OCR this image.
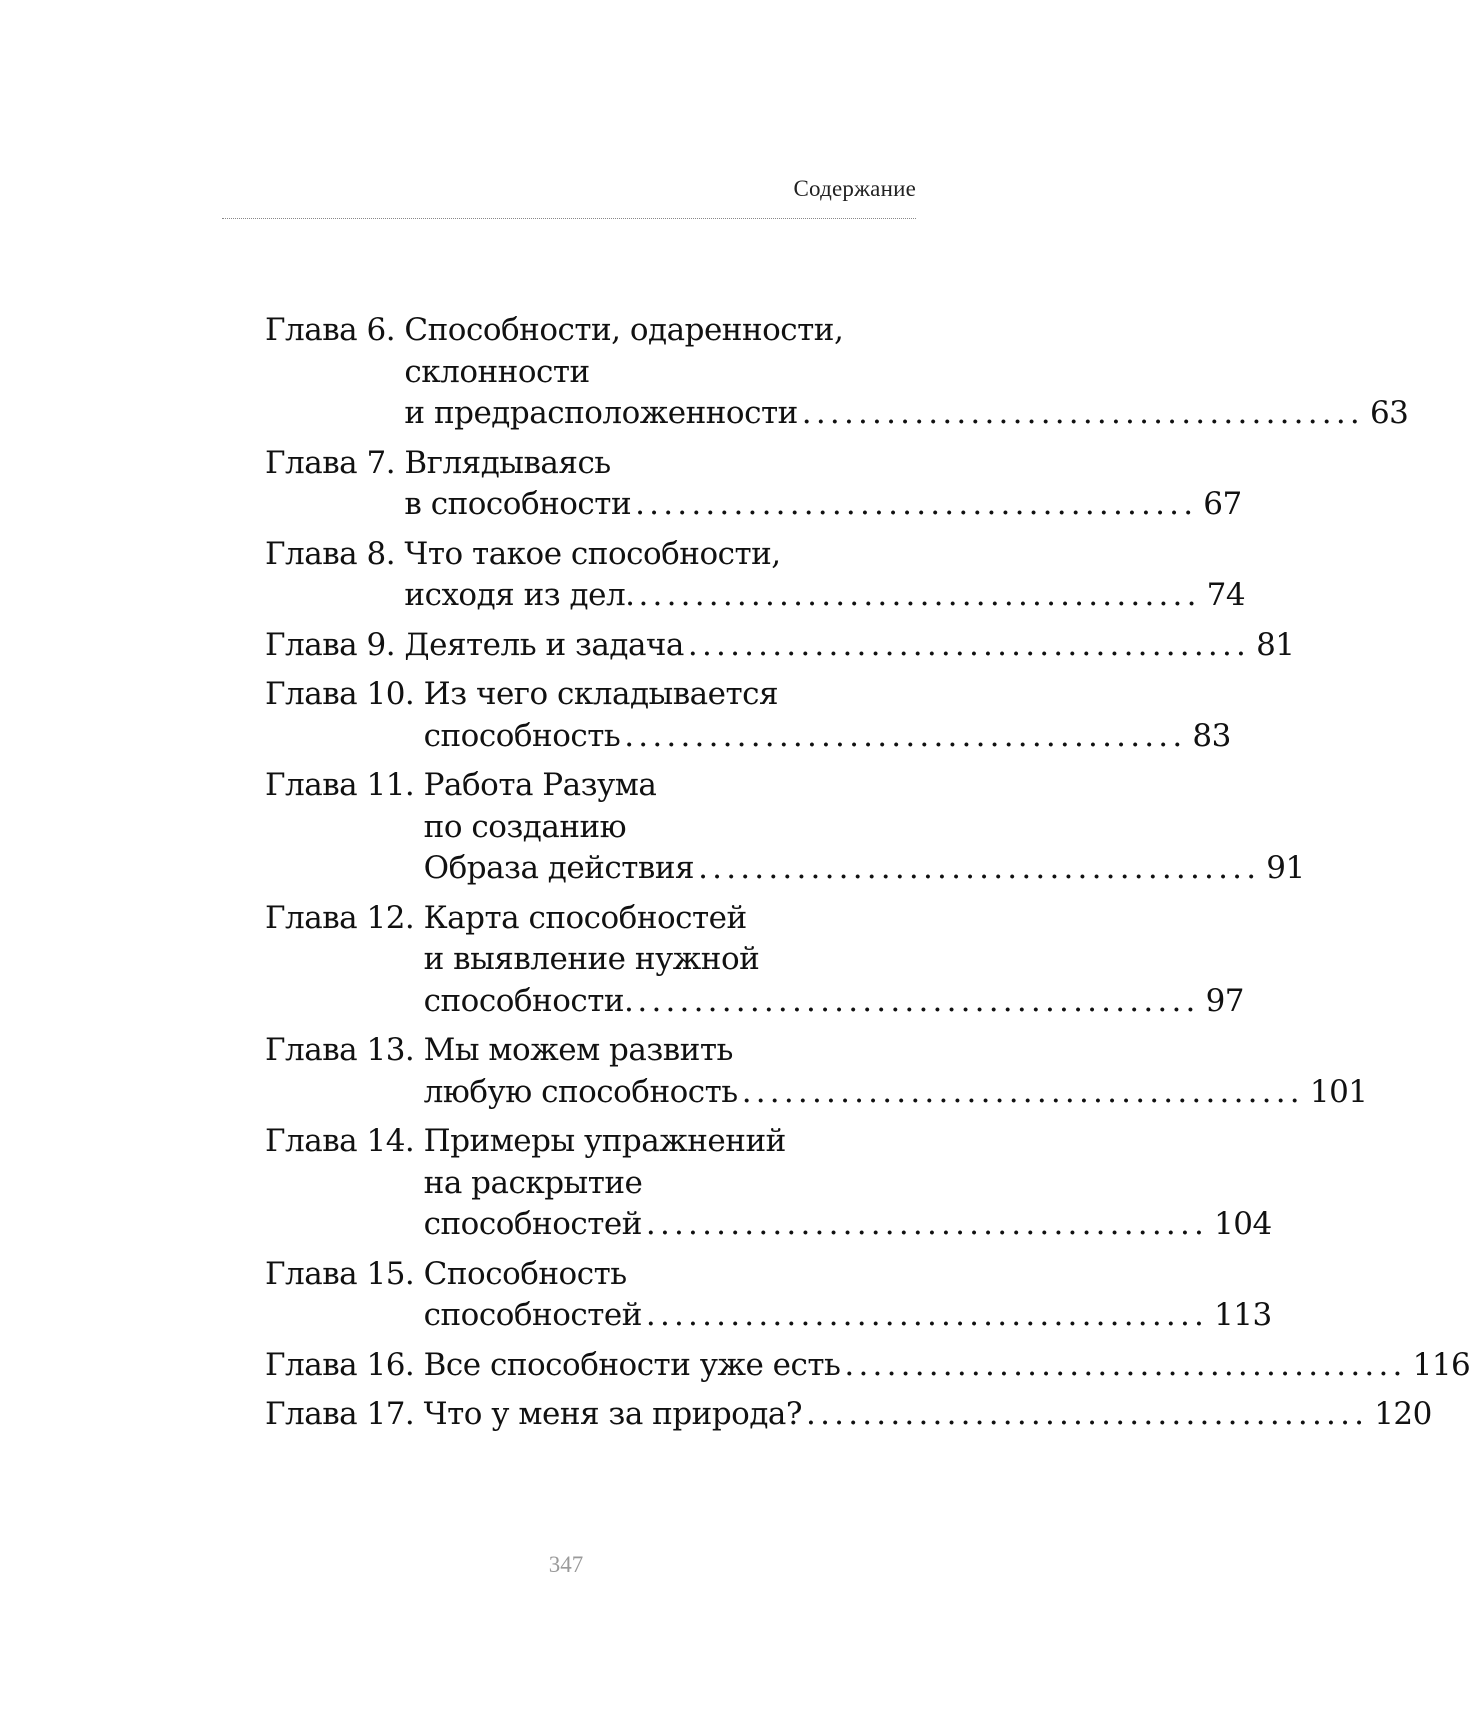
Содержание
Глава 6. Способности, одаренности,
склонности
и предрасположенности ........................................ 63
Глава 7. Вглядываясь
в способности ........................................ 67
Глава 8. Что такое способности,
исходя из дел. ........................................ 74
Глава 9. Деятель и задача ........................................ 81
Глава 10. Из чего складывается
способность ........................................ 83
Глава 11. Работа Разума
по созданию
Образа действия ........................................ 91
Глава 12. Карта способностей
и выявление нужной
способности. ........................................ 97
Глава 13. Мы можем развить
любую способность ........................................ 101
Глава 14. Примеры упражнений
на раскрытие
способностей ........................................ 104
Глава 15. Способность
способностей ........................................ 113
Глава 16. Все способности уже есть ........................................ 116
Глава 17. Что у меня за природа? ........................................ 120
347
